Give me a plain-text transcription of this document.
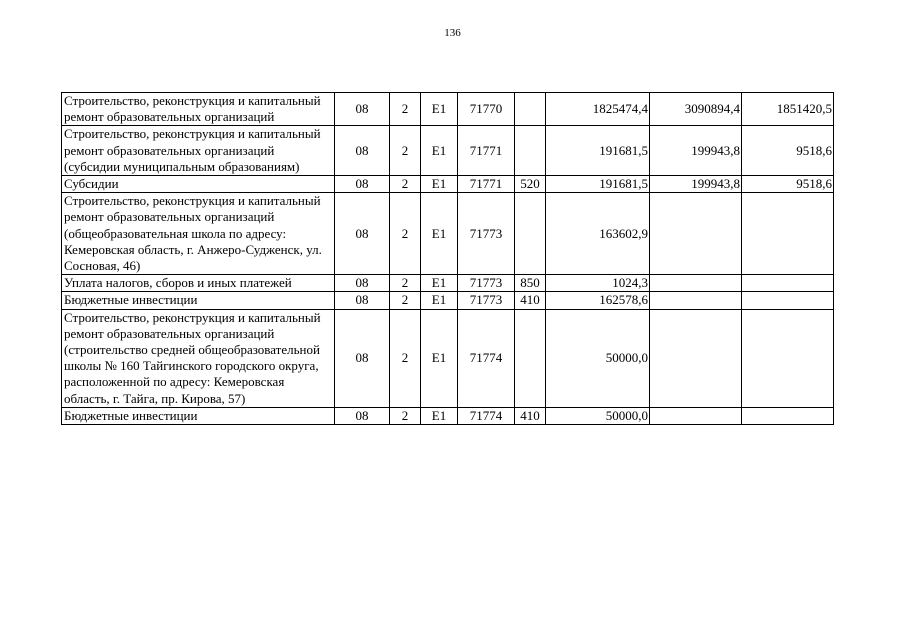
136
Строительство, реконструкция и капитальный ремонт образовательных организаций	08	2	Е1	71770		1825474,4	3090894,4	1851420,5
Строительство, реконструкция и капитальный ремонт образовательных организаций (субсидии муниципальным образованиям)	08	2	Е1	71771		191681,5	199943,8	9518,6
Субсидии	08	2	Е1	71771	520	191681,5	199943,8	9518,6
Строительство, реконструкция и капитальный ремонт образовательных организаций (общеобразовательная школа по адресу: Кемеровская область, г. Анжеро-Судженск, ул. Сосновая, 46)	08	2	Е1	71773		163602,9		
Уплата налогов, сборов и иных платежей	08	2	Е1	71773	850	1024,3		
Бюджетные инвестиции	08	2	Е1	71773	410	162578,6		
Строительство, реконструкция и капитальный ремонт образовательных организаций (строительство средней общеобразовательной школы № 160 Тайгинского городского округа, расположенной по адресу: Кемеровская область, г. Тайга, пр. Кирова, 57)	08	2	Е1	71774		50000,0		
Бюджетные инвестиции	08	2	Е1	71774	410	50000,0		
